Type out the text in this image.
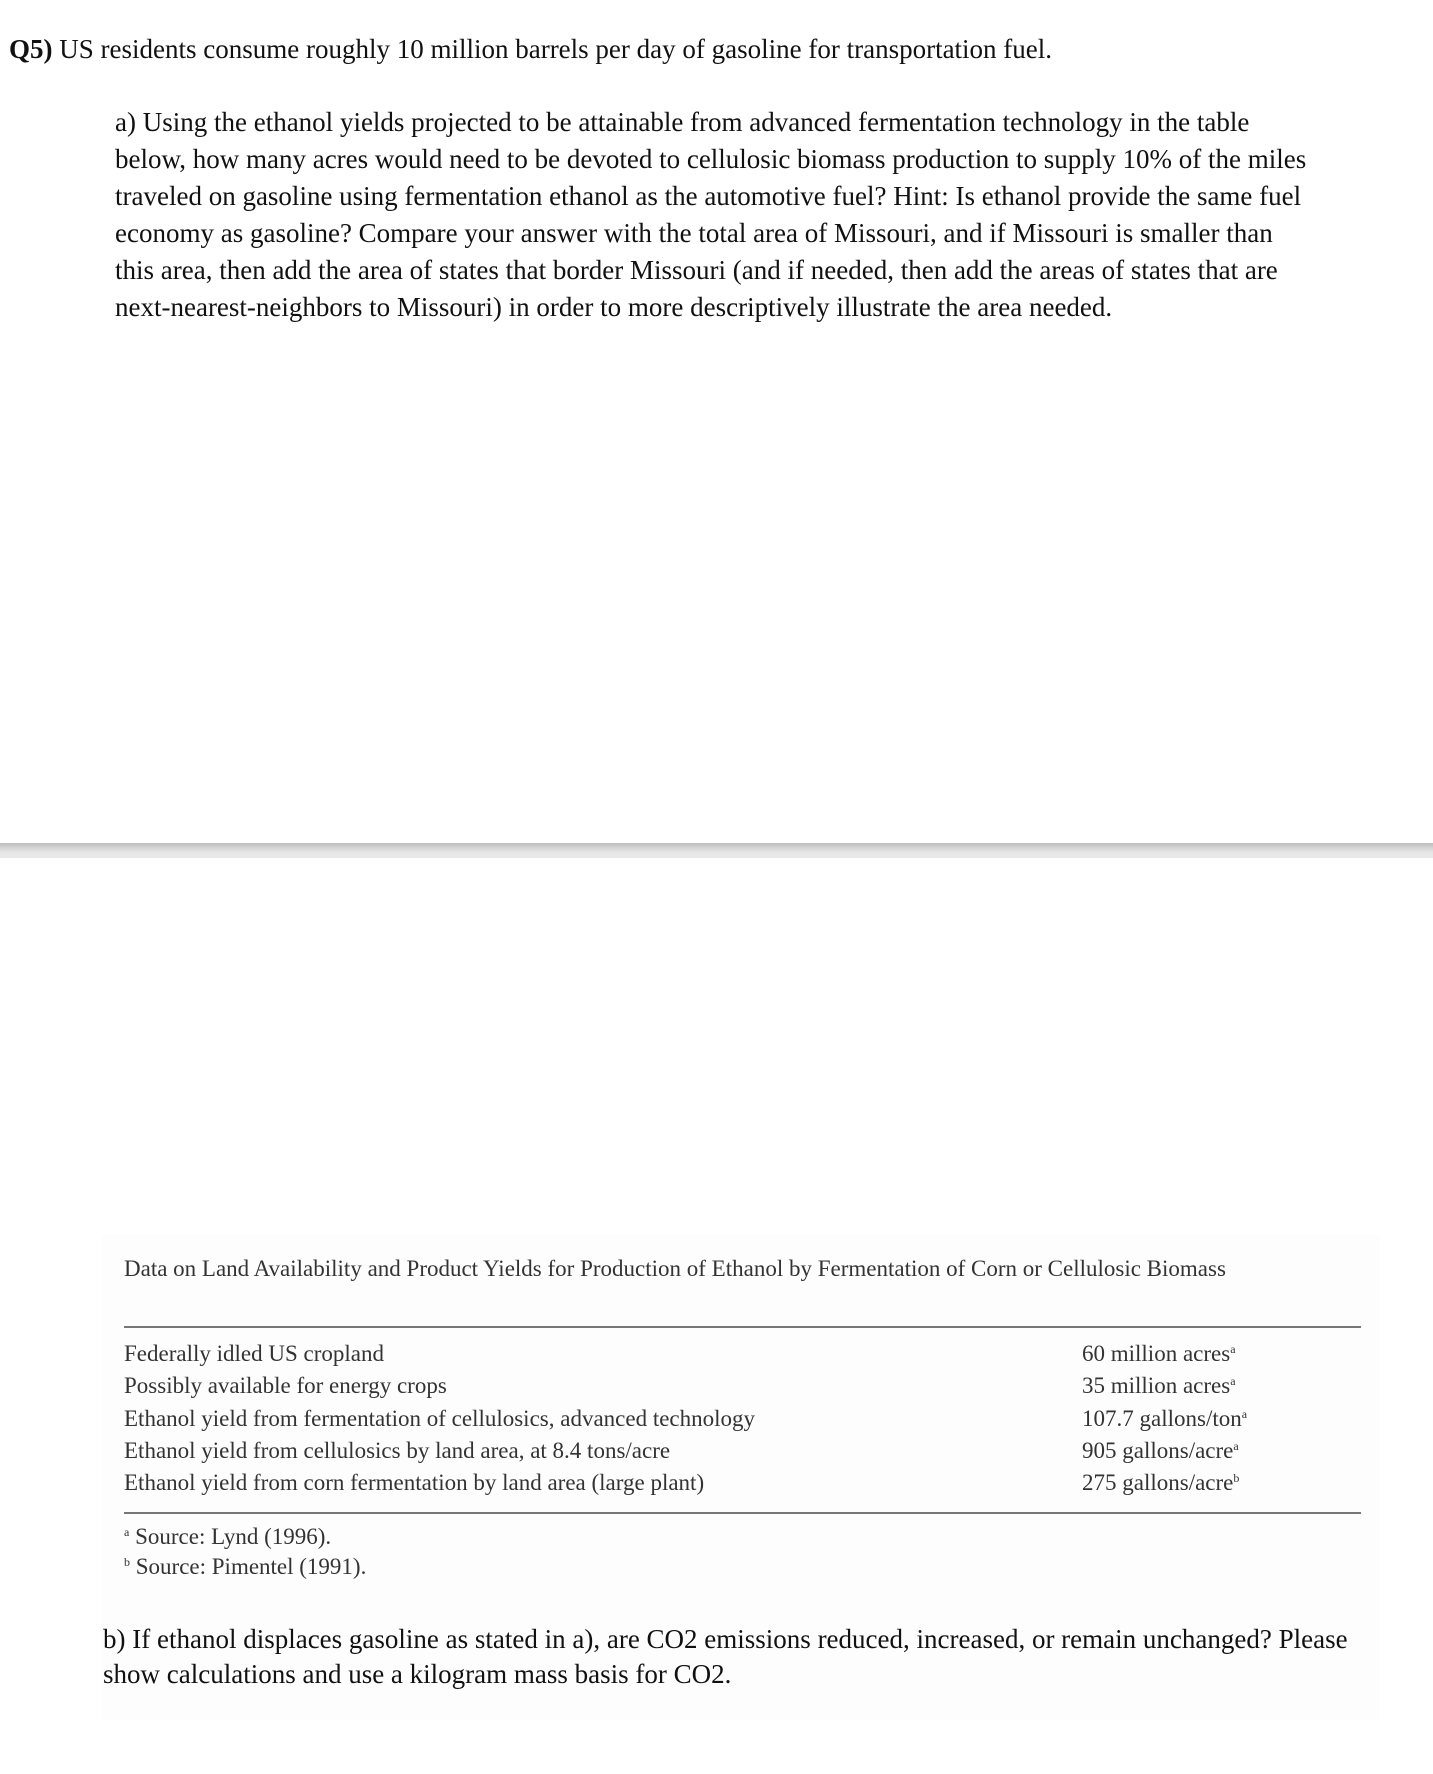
Q5) US residents consume roughly 10 million barrels per day of gasoline for transportation fuel.
a) Using the ethanol yields projected to be attainable from advanced fermentation technology in the table below, how many acres would need to be devoted to cellulosic biomass production to supply 10% of the miles traveled on gasoline using fermentation ethanol as the automotive fuel? Hint: Is ethanol provide the same fuel economy as gasoline? Compare your answer with the total area of Missouri, and if Missouri is smaller than this area, then add the area of states that border Missouri (and if needed, then add the areas of states that are next-nearest-neighbors to Missouri) in order to more descriptively illustrate the area needed.
Data on Land Availability and Product Yields for Production of Ethanol by Fermentation of Corn or Cellulosic Biomass
Federally idled US cropland	60 million acres$^a$
Possibly available for energy crops	35 million acres$^a$
Ethanol yield from fermentation of cellulosics, advanced technology	107.7 gallons/ton$^a$
Ethanol yield from cellulosics by land area, at 8.4 tons/acre	905 gallons/acre$^a$
Ethanol yield from corn fermentation by land area (large plant)	275 gallons/acre$^b$
$^a$ Source: Lynd (1996).
$^b$ Source: Pimentel (1991).
b) If ethanol displaces gasoline as stated in a), are CO2 emissions reduced, increased, or remain unchanged? Please show calculations and use a kilogram mass basis for CO2.
